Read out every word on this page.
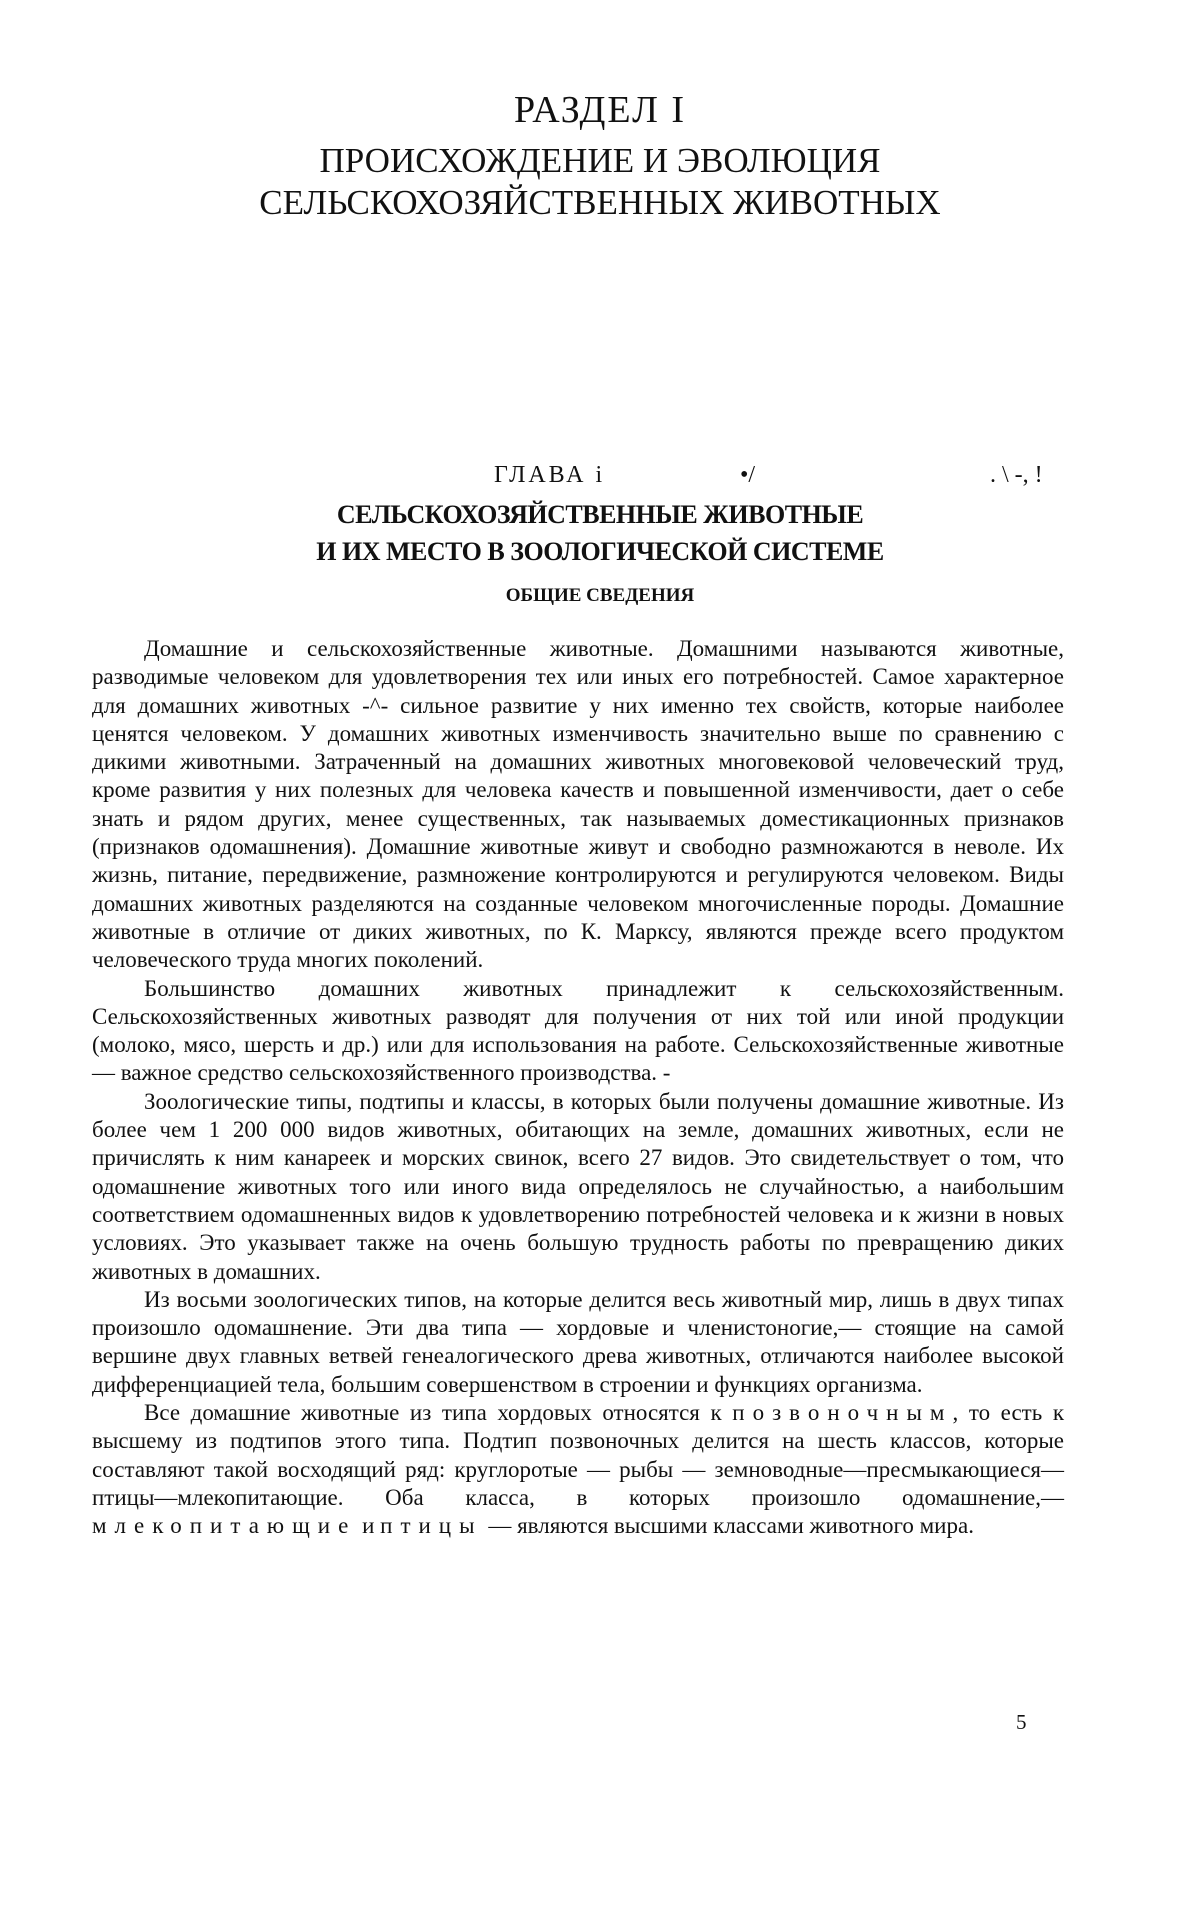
РАЗДЕЛ I
ПРОИСХОЖДЕНИЕ И ЭВОЛЮЦИЯ
СЕЛЬСКОХОЗЯЙСТВЕННЫХ ЖИВОТНЫХ
ГЛАВА i	•/	. \ -, !
СЕЛЬСКОХОЗЯЙСТВЕННЫЕ ЖИВОТНЫЕ
И ИХ МЕСТО В ЗООЛОГИЧЕСКОЙ СИСТЕМЕ
ОБЩИЕ СВЕДЕНИЯ

Домашние и сельскохозяйственные животные. Домашними называются животные, разводимые человеком для удовлетворения тех или иных его потребностей. Самое характерное для домашних животных -^- сильное развитие у них именно тех свойств, которые наиболее ценятся человеком. У домашних животных изменчивость значительно выше по сравнению с дикими животными. Затраченный на домашних животных многовековой человеческий труд, кроме развития у них полезных для человека качеств и повышенной изменчивости, дает о себе знать и рядом других, менее существенных, так называемых доместикационных признаков (признаков одомашнения). Домашние животные живут и свободно размножаются в неволе. Их жизнь, питание, передвижение, размножение контролируются и регулируются человеком. Виды домашних животных разделяются на созданные человеком многочисленные породы. Домашние животные в отличие от диких животных, по К. Марксу, являются прежде всего продуктом человеческого труда многих поколений.

Большинство домашних животных принадлежит к сельскохозяйственным. Сельскохозяйственных животных разводят для получения от них той или иной продукции (молоко, мясо, шерсть и др.) или для использования на работе. Сельскохозяйственные животные — важное средство сельскохозяйственного производства. -

Зоологические типы, подтипы и классы, в которых были получены домашние животные. Из более чем 1 200 000 видов животных, обитающих на земле, домашних животных, если не причислять к ним канареек и морских свинок, всего 27 видов. Это свидетельствует о том, что одомашнение животных того или иного вида определялось не случайностью, а наибольшим соответствием одомашненных видов к удовлетворению потребностей человека и к жизни в новых условиях. Это указывает также на очень большую трудность работы по превращению диких животных в домашних.

Из восьми зоологических типов, на которые делится весь животный мир, лишь в двух типах произошло одомашнение. Эти два типа — хордовые и членистоногие,— стоящие на самой вершине двух главных ветвей генеалогического древа животных, отличаются наиболее высокой дифференциацией тела, большим совершенством в строении и функциях организма.

Все домашние животные из типа хордовых относятся к позвоночным, то есть к высшему из подтипов этого типа. Подтип позвоночных делится на шесть классов, которые составляют такой восходящий ряд: круглоротые — рыбы — земноводные—пресмыкающиеся—птицы—млекопитающие. Оба класса, в которых произошло одомашнение,— млекопитающие и птицы — являются высшими классами животного мира.

5
